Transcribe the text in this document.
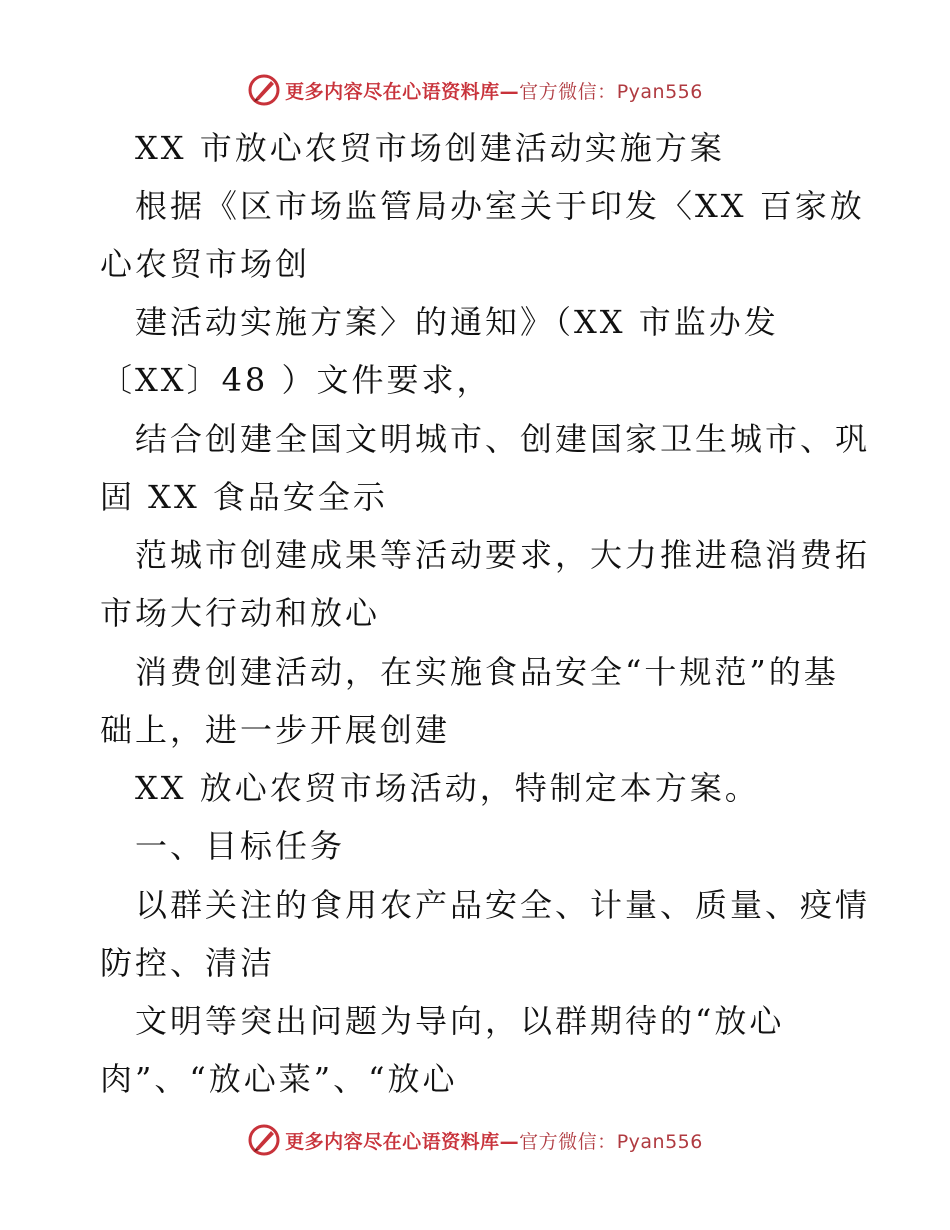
更多内容尽在心语资料库—官方微信：Pyan556
XX 市放心农贸市场创建活动实施方案
根据《区市场监管局办室关于印发〈XX 百家放
心农贸市场创
建活动实施方案〉的通知》（XX 市监办发
〔XX〕48 ）文件要求，
结合创建全国文明城市、创建国家卫生城市、巩
固 XX 食品安全示
范城市创建成果等活动要求，大力推进稳消费拓
市场大行动和放心
消费创建活动，在实施食品安全“十规范”的基
础上，进一步开展创建
XX 放心农贸市场活动，特制定本方案。
一、目标任务
以群关注的食用农产品安全、计量、质量、疫情
防控、清洁
文明等突出问题为导向，以群期待的“放心
肉”、“放心菜”、“放心
更多内容尽在心语资料库—官方微信：Pyan556
